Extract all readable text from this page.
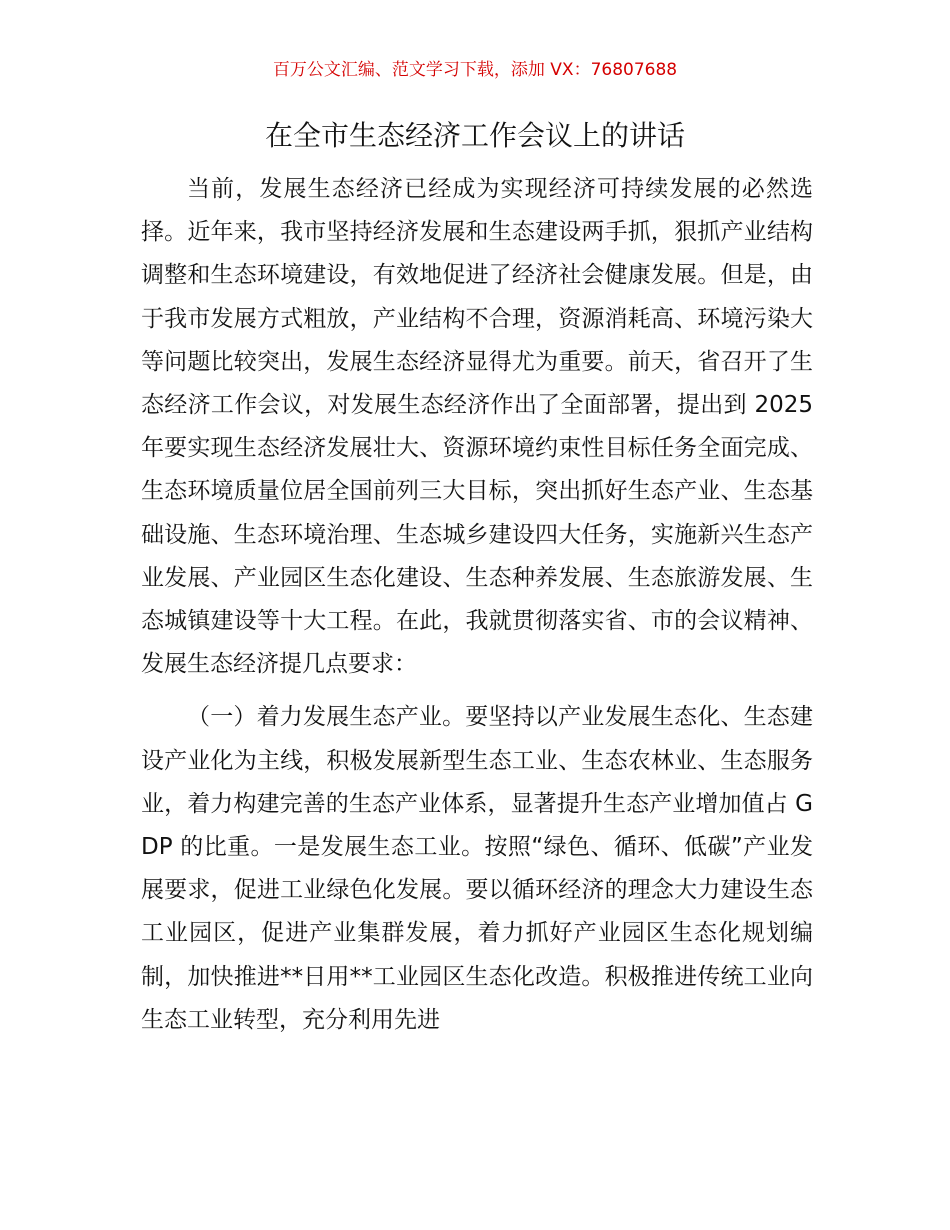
百万公文汇编、范文学习下载，添加 VX：76807688
在全市生态经济工作会议上的讲话

当前，发展生态经济已经成为实现经济可持续发展的必然选择。近年来，我市坚持经济发展和生态建设两手抓，狠抓产业结构调整和生态环境建设，有效地促进了经济社会健康发展。但是，由于我市发展方式粗放，产业结构不合理，资源消耗高、环境污染大等问题比较突出，发展生态经济显得尤为重要。前天，省召开了生态经济工作会议，对发展生态经济作出了全面部署，提出到 2025 年要实现生态经济发展壮大、资源环境约束性目标任务全面完成、生态环境质量位居全国前列三大目标，突出抓好生态产业、生态基础设施、生态环境治理、生态城乡建设四大任务，实施新兴生态产业发展、产业园区生态化建设、生态种养发展、生态旅游发展、生态城镇建设等十大工程。在此，我就贯彻落实省、市的会议精神、发展生态经济提几点要求：

（一）着力发展生态产业。要坚持以产业发展生态化、生态建设产业化为主线，积极发展新型生态工业、生态农林业、生态服务业，着力构建完善的生态产业体系，显著提升生态产业增加值占 GDP 的比重。一是发展生态工业。按照“绿色、循环、低碳”产业发展要求，促进工业绿色化发展。要以循环经济的理念大力建设生态工业园区，促进产业集群发展，着力抓好产业园区生态化规划编制，加快推进**日用**工业园区生态化改造。积极推进传统工业向生态工业转型，充分利用先进
